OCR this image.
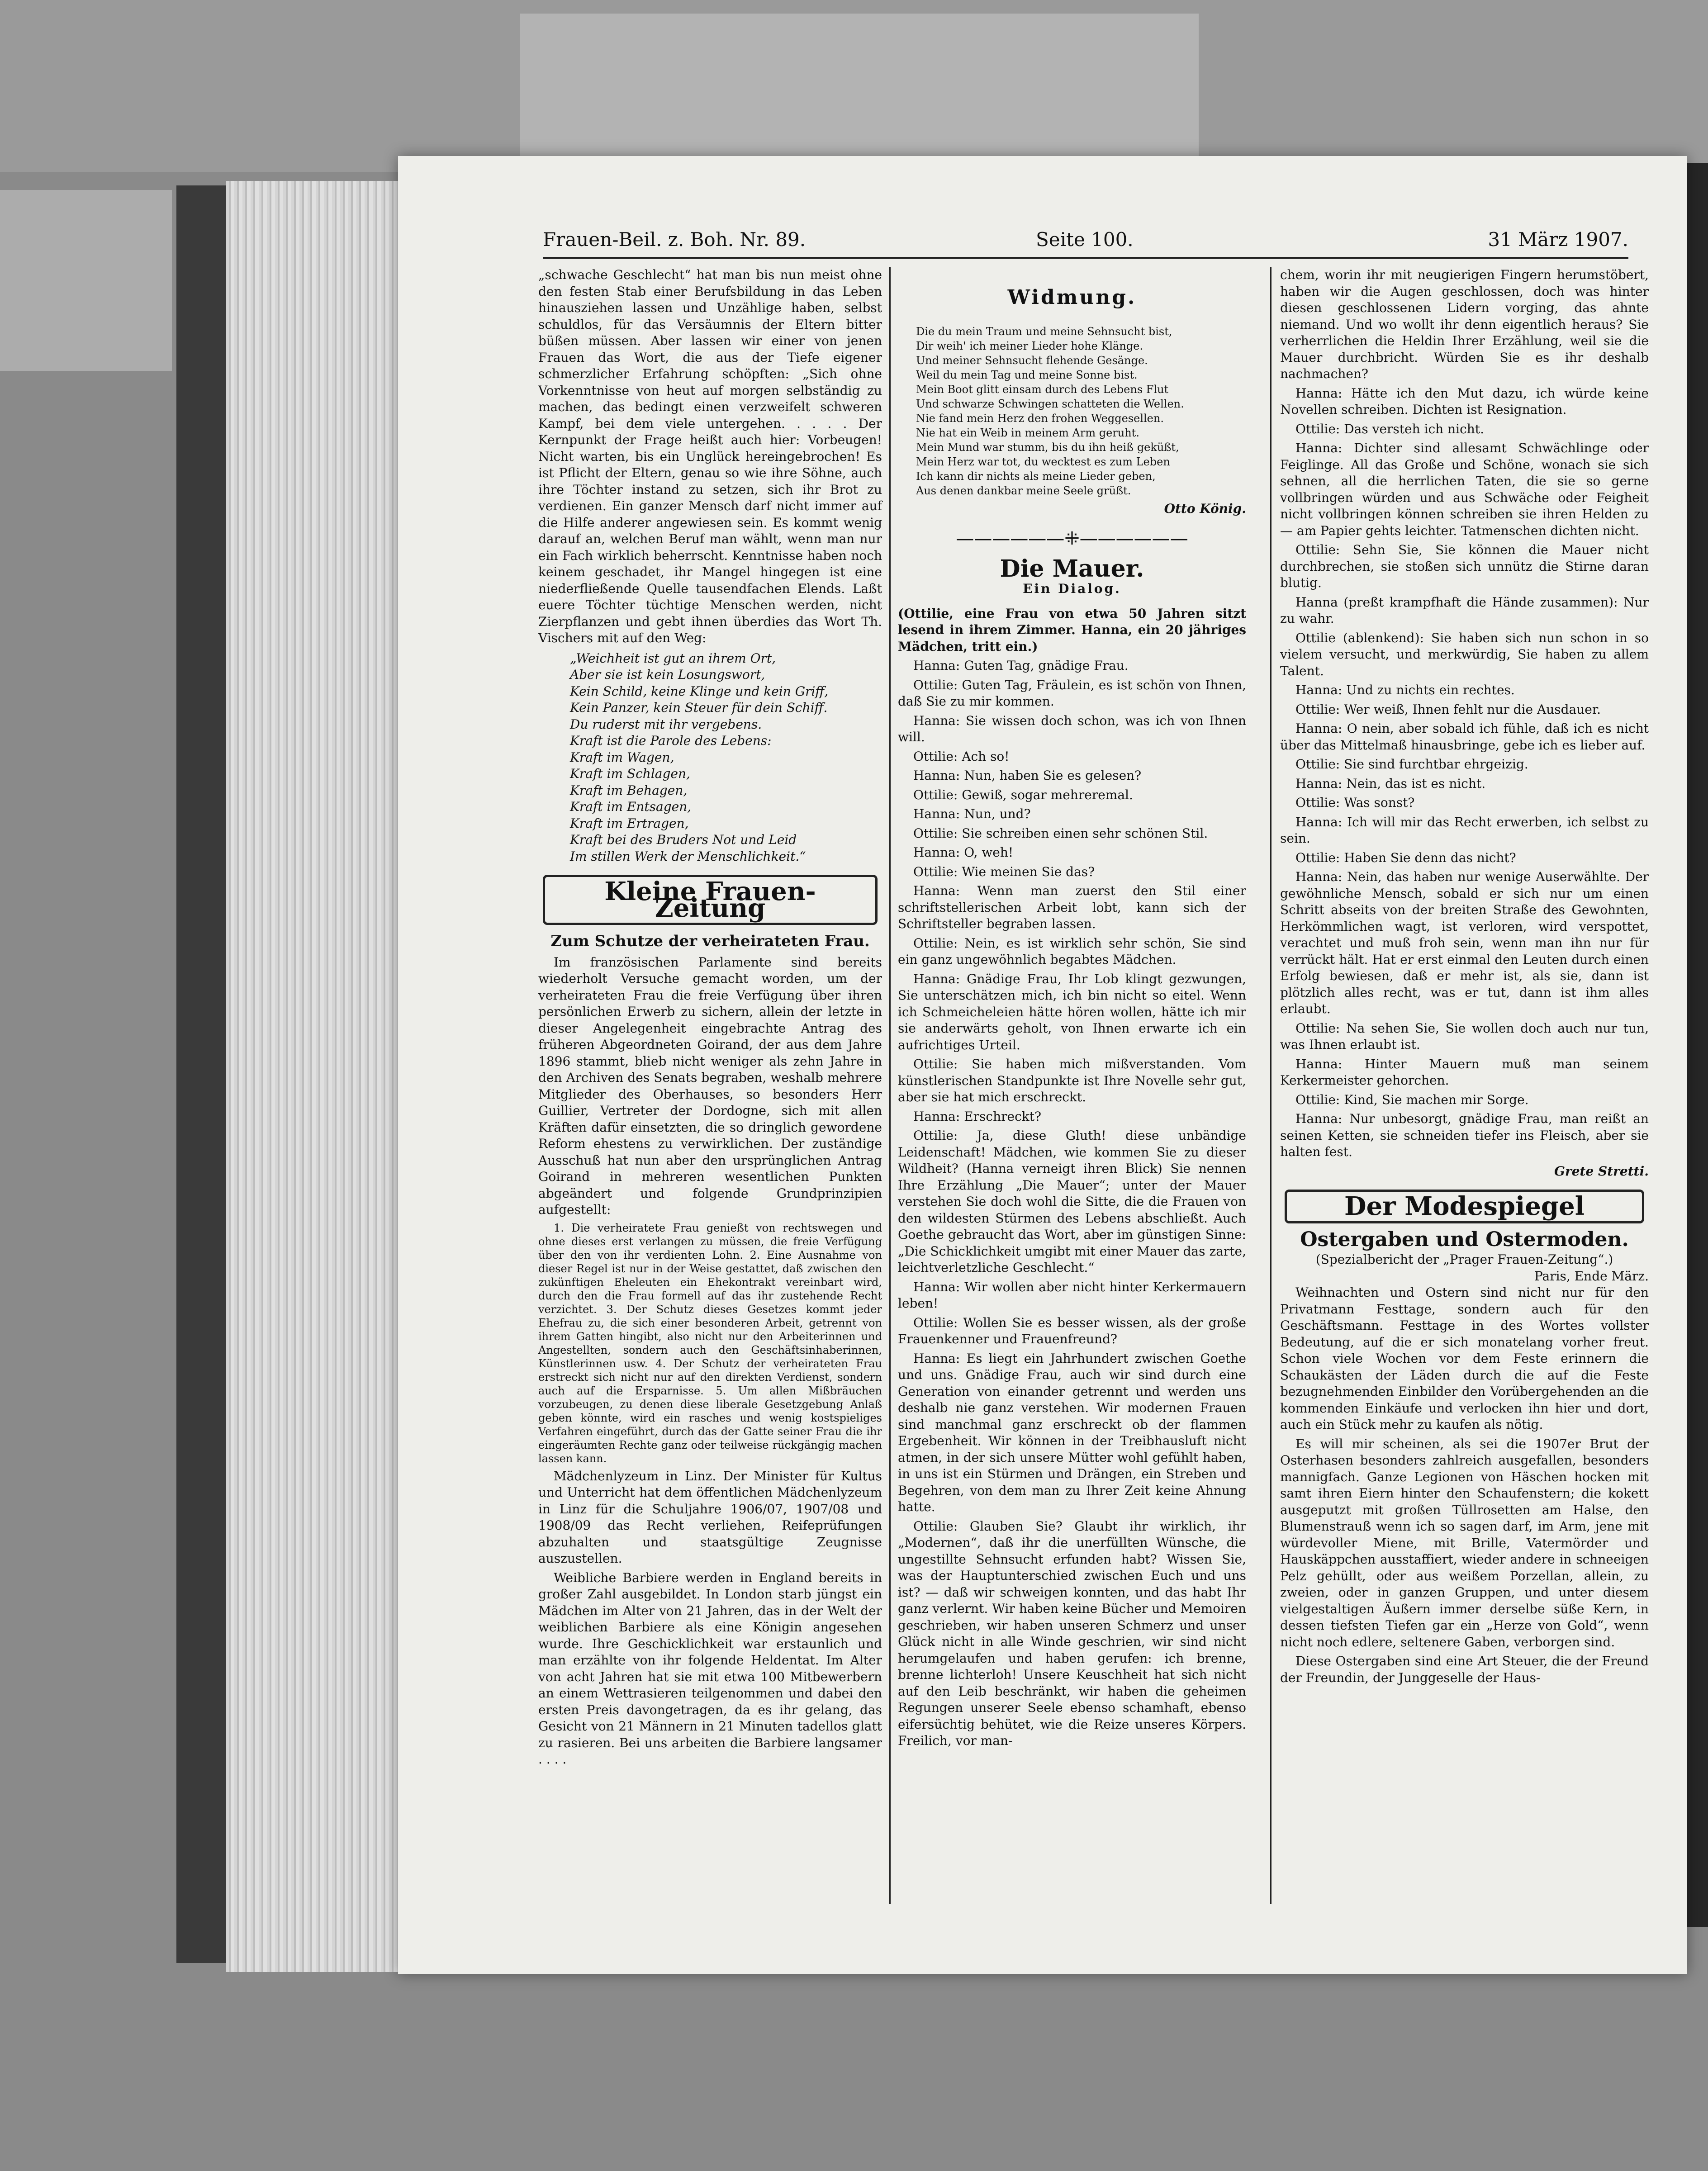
Frauen-Beil. z. Boh. Nr. 89.	Seite 100.	31 März 1907.

„schwache Geschlecht“ hat man bis nun meist ohne den festen Stab einer Berufsbildung in das Leben hinausziehen lassen und Unzählige haben, selbst schuldlos, für das Versäumnis der Eltern bitter büßen müssen. Aber lassen wir einer von jenen Frauen das Wort, die aus der Tiefe eigener schmerzlicher Erfahrung schöpften: „Sich ohne Vorkenntnisse von heut auf morgen selbständig zu machen, das bedingt einen verzweifelt schweren Kampf, bei dem viele untergehen. . . . . Der Kernpunkt der Frage heißt auch hier: Vorbeugen! Nicht warten, bis ein Unglück hereingebrochen! Es ist Pflicht der Eltern, genau so wie ihre Söhne, auch ihre Töchter instand zu setzen, sich ihr Brot zu verdienen. Ein ganzer Mensch darf nicht immer auf die Hilfe anderer angewiesen sein. Es kommt wenig darauf an, welchen Beruf man wählt, wenn man nur ein Fach wirklich beherrscht. Kenntnisse haben noch keinem geschadet, ihr Mangel hingegen ist eine niederfließende Quelle tausendfachen Elends. Laßt euere Töchter tüchtige Menschen werden, nicht Zierpflanzen und gebt ihnen überdies das Wort Th. Vischers mit auf den Weg:

„Weichheit ist gut an ihrem Ort,
Aber sie ist kein Losungswort,
Kein Schild, keine Klinge und kein Griff,
Kein Panzer, kein Steuer für dein Schiff.
Du ruderst mit ihr vergebens.
Kraft ist die Parole des Lebens:
Kraft im Wagen,
Kraft im Schlagen,
Kraft im Behagen,
Kraft im Entsagen,
Kraft im Ertragen,
Kraft bei des Bruders Not und Leid
Im stillen Werk der Menschlichkeit.“
Kleine Frauen-Zeitung
Zum Schutze der verheirateten Frau.

Im französischen Parlamente sind bereits wiederholt Versuche gemacht worden, um der verheirateten Frau die freie Verfügung über ihren persönlichen Erwerb zu sichern, allein der letzte in dieser Angelegenheit eingebrachte Antrag des früheren Abgeordneten Goirand, der aus dem Jahre 1896 stammt, blieb nicht weniger als zehn Jahre in den Archiven des Senats begraben, weshalb mehrere Mitglieder des Oberhauses, so besonders Herr Guillier, Vertreter der Dordogne, sich mit allen Kräften dafür einsetzten, die so dringlich gewordene Reform ehestens zu verwirklichen. Der zuständige Ausschuß hat nun aber den ursprünglichen Antrag Goirand in mehreren wesentlichen Punkten abgeändert und folgende Grundprinzipien aufgestellt:

1. Die verheiratete Frau genießt von rechtswegen und ohne dieses erst verlangen zu müssen, die freie Verfügung über den von ihr verdienten Lohn. 2. Eine Ausnahme von dieser Regel ist nur in der Weise gestattet, daß zwischen den zukünftigen Eheleuten ein Ehekontrakt vereinbart wird, durch den die Frau formell auf das ihr zustehende Recht verzichtet. 3. Der Schutz dieses Gesetzes kommt jeder Ehefrau zu, die sich einer besonderen Arbeit, getrennt von ihrem Gatten hingibt, also nicht nur den Arbeiterinnen und Angestellten, sondern auch den Geschäftsinhaberinnen, Künstlerinnen usw. 4. Der Schutz der verheirateten Frau erstreckt sich nicht nur auf den direkten Verdienst, sondern auch auf die Ersparnisse. 5. Um allen Mißbräuchen vorzubeugen, zu denen diese liberale Gesetzgebung Anlaß geben könnte, wird ein rasches und wenig kostspieliges Verfahren eingeführt, durch das der Gatte seiner Frau die ihr eingeräumten Rechte ganz oder teilweise rückgängig machen lassen kann.

Mädchenlyzeum in Linz. Der Minister für Kultus und Unterricht hat dem öffentlichen Mädchenlyzeum in Linz für die Schuljahre 1906/07, 1907/08 und 1908/09 das Recht verliehen, Reifeprüfungen abzuhalten und staatsgültige Zeugnisse auszustellen.

Weibliche Barbiere werden in England bereits in großer Zahl ausgebildet. In London starb jüngst ein Mädchen im Alter von 21 Jahren, das in der Welt der weiblichen Barbiere als eine Königin angesehen wurde. Ihre Geschicklichkeit war erstaunlich und man erzählte von ihr folgende Heldentat. Im Alter von acht Jahren hat sie mit etwa 100 Mitbewerbern an einem Wettrasieren teilgenommen und dabei den ersten Preis davongetragen, da es ihr gelang, das Gesicht von 21 Männern in 21 Minuten tadellos glatt zu rasieren. Bei uns arbeiten die Barbiere langsamer . . . .

Widmung.
Die du mein Traum und meine Sehnsucht bist,
Dir weih' ich meiner Lieder hohe Klänge.
Und meiner Sehnsucht flehende Gesänge.
Weil du mein Tag und meine Sonne bist.
Mein Boot glitt einsam durch des Lebens Flut
Und schwarze Schwingen schatteten die Wellen.
Nie fand mein Herz den frohen Weggesellen.
Nie hat ein Weib in meinem Arm geruht.
Mein Mund war stumm, bis du ihn heiß geküßt,
Mein Herz war tot, du wecktest es zum Leben
Ich kann dir nichts als meine Lieder geben,
Aus denen dankbar meine Seele grüßt.
Otto König.
——————⁜——————
Die Mauer.
Ein Dialog.

(Ottilie, eine Frau von etwa 50 Jahren sitzt lesend in ihrem Zimmer. Hanna, ein 20 jähriges Mädchen, tritt ein.)

Hanna: Guten Tag, gnädige Frau.

Ottilie: Guten Tag, Fräulein, es ist schön von Ihnen, daß Sie zu mir kommen.

Hanna: Sie wissen doch schon, was ich von Ihnen will.

Ottilie: Ach so!

Hanna: Nun, haben Sie es gelesen?

Ottilie: Gewiß, sogar mehreremal.

Hanna: Nun, und?

Ottilie: Sie schreiben einen sehr schönen Stil.

Hanna: O, weh!

Ottilie: Wie meinen Sie das?

Hanna: Wenn man zuerst den Stil einer schriftstellerischen Arbeit lobt, kann sich der Schriftsteller begraben lassen.

Ottilie: Nein, es ist wirklich sehr schön, Sie sind ein ganz ungewöhnlich begabtes Mädchen.

Hanna: Gnädige Frau, Ihr Lob klingt gezwungen, Sie unterschätzen mich, ich bin nicht so eitel. Wenn ich Schmeicheleien hätte hören wollen, hätte ich mir sie anderwärts geholt, von Ihnen erwarte ich ein aufrichtiges Urteil.

Ottilie: Sie haben mich mißverstanden. Vom künstlerischen Standpunkte ist Ihre Novelle sehr gut, aber sie hat mich erschreckt.

Hanna: Erschreckt?

Ottilie: Ja, diese Gluth! diese unbändige Leidenschaft! Mädchen, wie kommen Sie zu dieser Wildheit? (Hanna verneigt ihren Blick) Sie nennen Ihre Erzählung „Die Mauer“; unter der Mauer verstehen Sie doch wohl die Sitte, die die Frauen von den wildesten Stürmen des Lebens abschließt. Auch Goethe gebraucht das Wort, aber im günstigen Sinne: „Die Schicklichkeit umgibt mit einer Mauer das zarte, leichtverletzliche Geschlecht.“

Hanna: Wir wollen aber nicht hinter Kerkermauern leben!

Ottilie: Wollen Sie es besser wissen, als der große Frauenkenner und Frauenfreund?

Hanna: Es liegt ein Jahrhundert zwischen Goethe und uns. Gnädige Frau, auch wir sind durch eine Generation von einander getrennt und werden uns deshalb nie ganz verstehen. Wir modernen Frauen sind manchmal ganz erschreckt ob der flammen Ergebenheit. Wir können in der Treibhausluft nicht atmen, in der sich unsere Mütter wohl gefühlt haben, in uns ist ein Stürmen und Drängen, ein Streben und Begehren, von dem man zu Ihrer Zeit keine Ahnung hatte.

Ottilie: Glauben Sie? Glaubt ihr wirklich, ihr „Modernen“, daß ihr die unerfüllten Wünsche, die ungestillte Sehnsucht erfunden habt? Wissen Sie, was der Hauptunterschied zwischen Euch und uns ist? — daß wir schweigen konnten, und das habt Ihr ganz verlernt. Wir haben keine Bücher und Memoiren geschrieben, wir haben unseren Schmerz und unser Glück nicht in alle Winde geschrien, wir sind nicht herumgelaufen und haben gerufen: ich brenne, brenne lichterloh! Unsere Keuschheit hat sich nicht auf den Leib beschränkt, wir haben die geheimen Regungen unserer Seele ebenso schamhaft, ebenso eifersüchtig behütet, wie die Reize unseres Körpers. Freilich, vor man-

chem, worin ihr mit neugierigen Fingern herumstöbert, haben wir die Augen geschlossen, doch was hinter diesen geschlossenen Lidern vorging, das ahnte niemand. Und wo wollt ihr denn eigentlich heraus? Sie verherrlichen die Heldin Ihrer Erzählung, weil sie die Mauer durchbricht. Würden Sie es ihr deshalb nachmachen?

Hanna: Hätte ich den Mut dazu, ich würde keine Novellen schreiben. Dichten ist Resignation.

Ottilie: Das versteh ich nicht.

Hanna: Dichter sind allesamt Schwächlinge oder Feiglinge. All das Große und Schöne, wonach sie sich sehnen, all die herrlichen Taten, die sie so gerne vollbringen würden und aus Schwäche oder Feigheit nicht vollbringen können schreiben sie ihren Helden zu — am Papier gehts leichter. Tatmenschen dichten nicht.

Ottilie: Sehn Sie, Sie können die Mauer nicht durchbrechen, sie stoßen sich unnütz die Stirne daran blutig.

Hanna (preßt krampfhaft die Hände zusammen): Nur zu wahr.

Ottilie (ablenkend): Sie haben sich nun schon in so vielem versucht, und merkwürdig, Sie haben zu allem Talent.

Hanna: Und zu nichts ein rechtes.

Ottilie: Wer weiß, Ihnen fehlt nur die Ausdauer.

Hanna: O nein, aber sobald ich fühle, daß ich es nicht über das Mittelmaß hinausbringe, gebe ich es lieber auf.

Ottilie: Sie sind furchtbar ehrgeizig.

Hanna: Nein, das ist es nicht.

Ottilie: Was sonst?

Hanna: Ich will mir das Recht erwerben, ich selbst zu sein.

Ottilie: Haben Sie denn das nicht?

Hanna: Nein, das haben nur wenige Auserwählte. Der gewöhnliche Mensch, sobald er sich nur um einen Schritt abseits von der breiten Straße des Gewohnten, Herkömmlichen wagt, ist verloren, wird verspottet, verachtet und muß froh sein, wenn man ihn nur für verrückt hält. Hat er erst einmal den Leuten durch einen Erfolg bewiesen, daß er mehr ist, als sie, dann ist plötzlich alles recht, was er tut, dann ist ihm alles erlaubt.

Ottilie: Na sehen Sie, Sie wollen doch auch nur tun, was Ihnen erlaubt ist.

Hanna: Hinter Mauern muß man seinem Kerkermeister gehorchen.

Ottilie: Kind, Sie machen mir Sorge.

Hanna: Nur unbesorgt, gnädige Frau, man reißt an seinen Ketten, sie schneiden tiefer ins Fleisch, aber sie halten fest.

Grete Stretti.
Der Modespiegel
Ostergaben und Ostermoden.
(Spezialbericht der „Prager Frauen-Zeitung“.)
Paris, Ende März.

Weihnachten und Ostern sind nicht nur für den Privatmann Festtage, sondern auch für den Geschäftsmann. Festtage in des Wortes vollster Bedeutung, auf die er sich monatelang vorher freut. Schon viele Wochen vor dem Feste erinnern die Schaukästen der Läden durch die auf die Feste bezugnehmenden Einbilder den Vorübergehenden an die kommenden Einkäufe und verlocken ihn hier und dort, auch ein Stück mehr zu kaufen als nötig.

Es will mir scheinen, als sei die 1907er Brut der Osterhasen besonders zahlreich ausgefallen, besonders mannigfach. Ganze Legionen von Häschen hocken mit samt ihren Eiern hinter den Schaufenstern; die kokett ausgeputzt mit großen Tüllrosetten am Halse, den Blumenstrauß wenn ich so sagen darf, im Arm, jene mit würdevoller Miene, mit Brille, Vatermörder und Hauskäppchen ausstaffiert, wieder andere in schneeigen Pelz gehüllt, oder aus weißem Porzellan, allein, zu zweien, oder in ganzen Gruppen, und unter diesem vielgestaltigen Äußern immer derselbe süße Kern, in dessen tiefsten Tiefen gar ein „Herze von Gold“, wenn nicht noch edlere, seltenere Gaben, verborgen sind.

Diese Ostergaben sind eine Art Steuer, die der Freund der Freundin, der Junggeselle der Haus-
